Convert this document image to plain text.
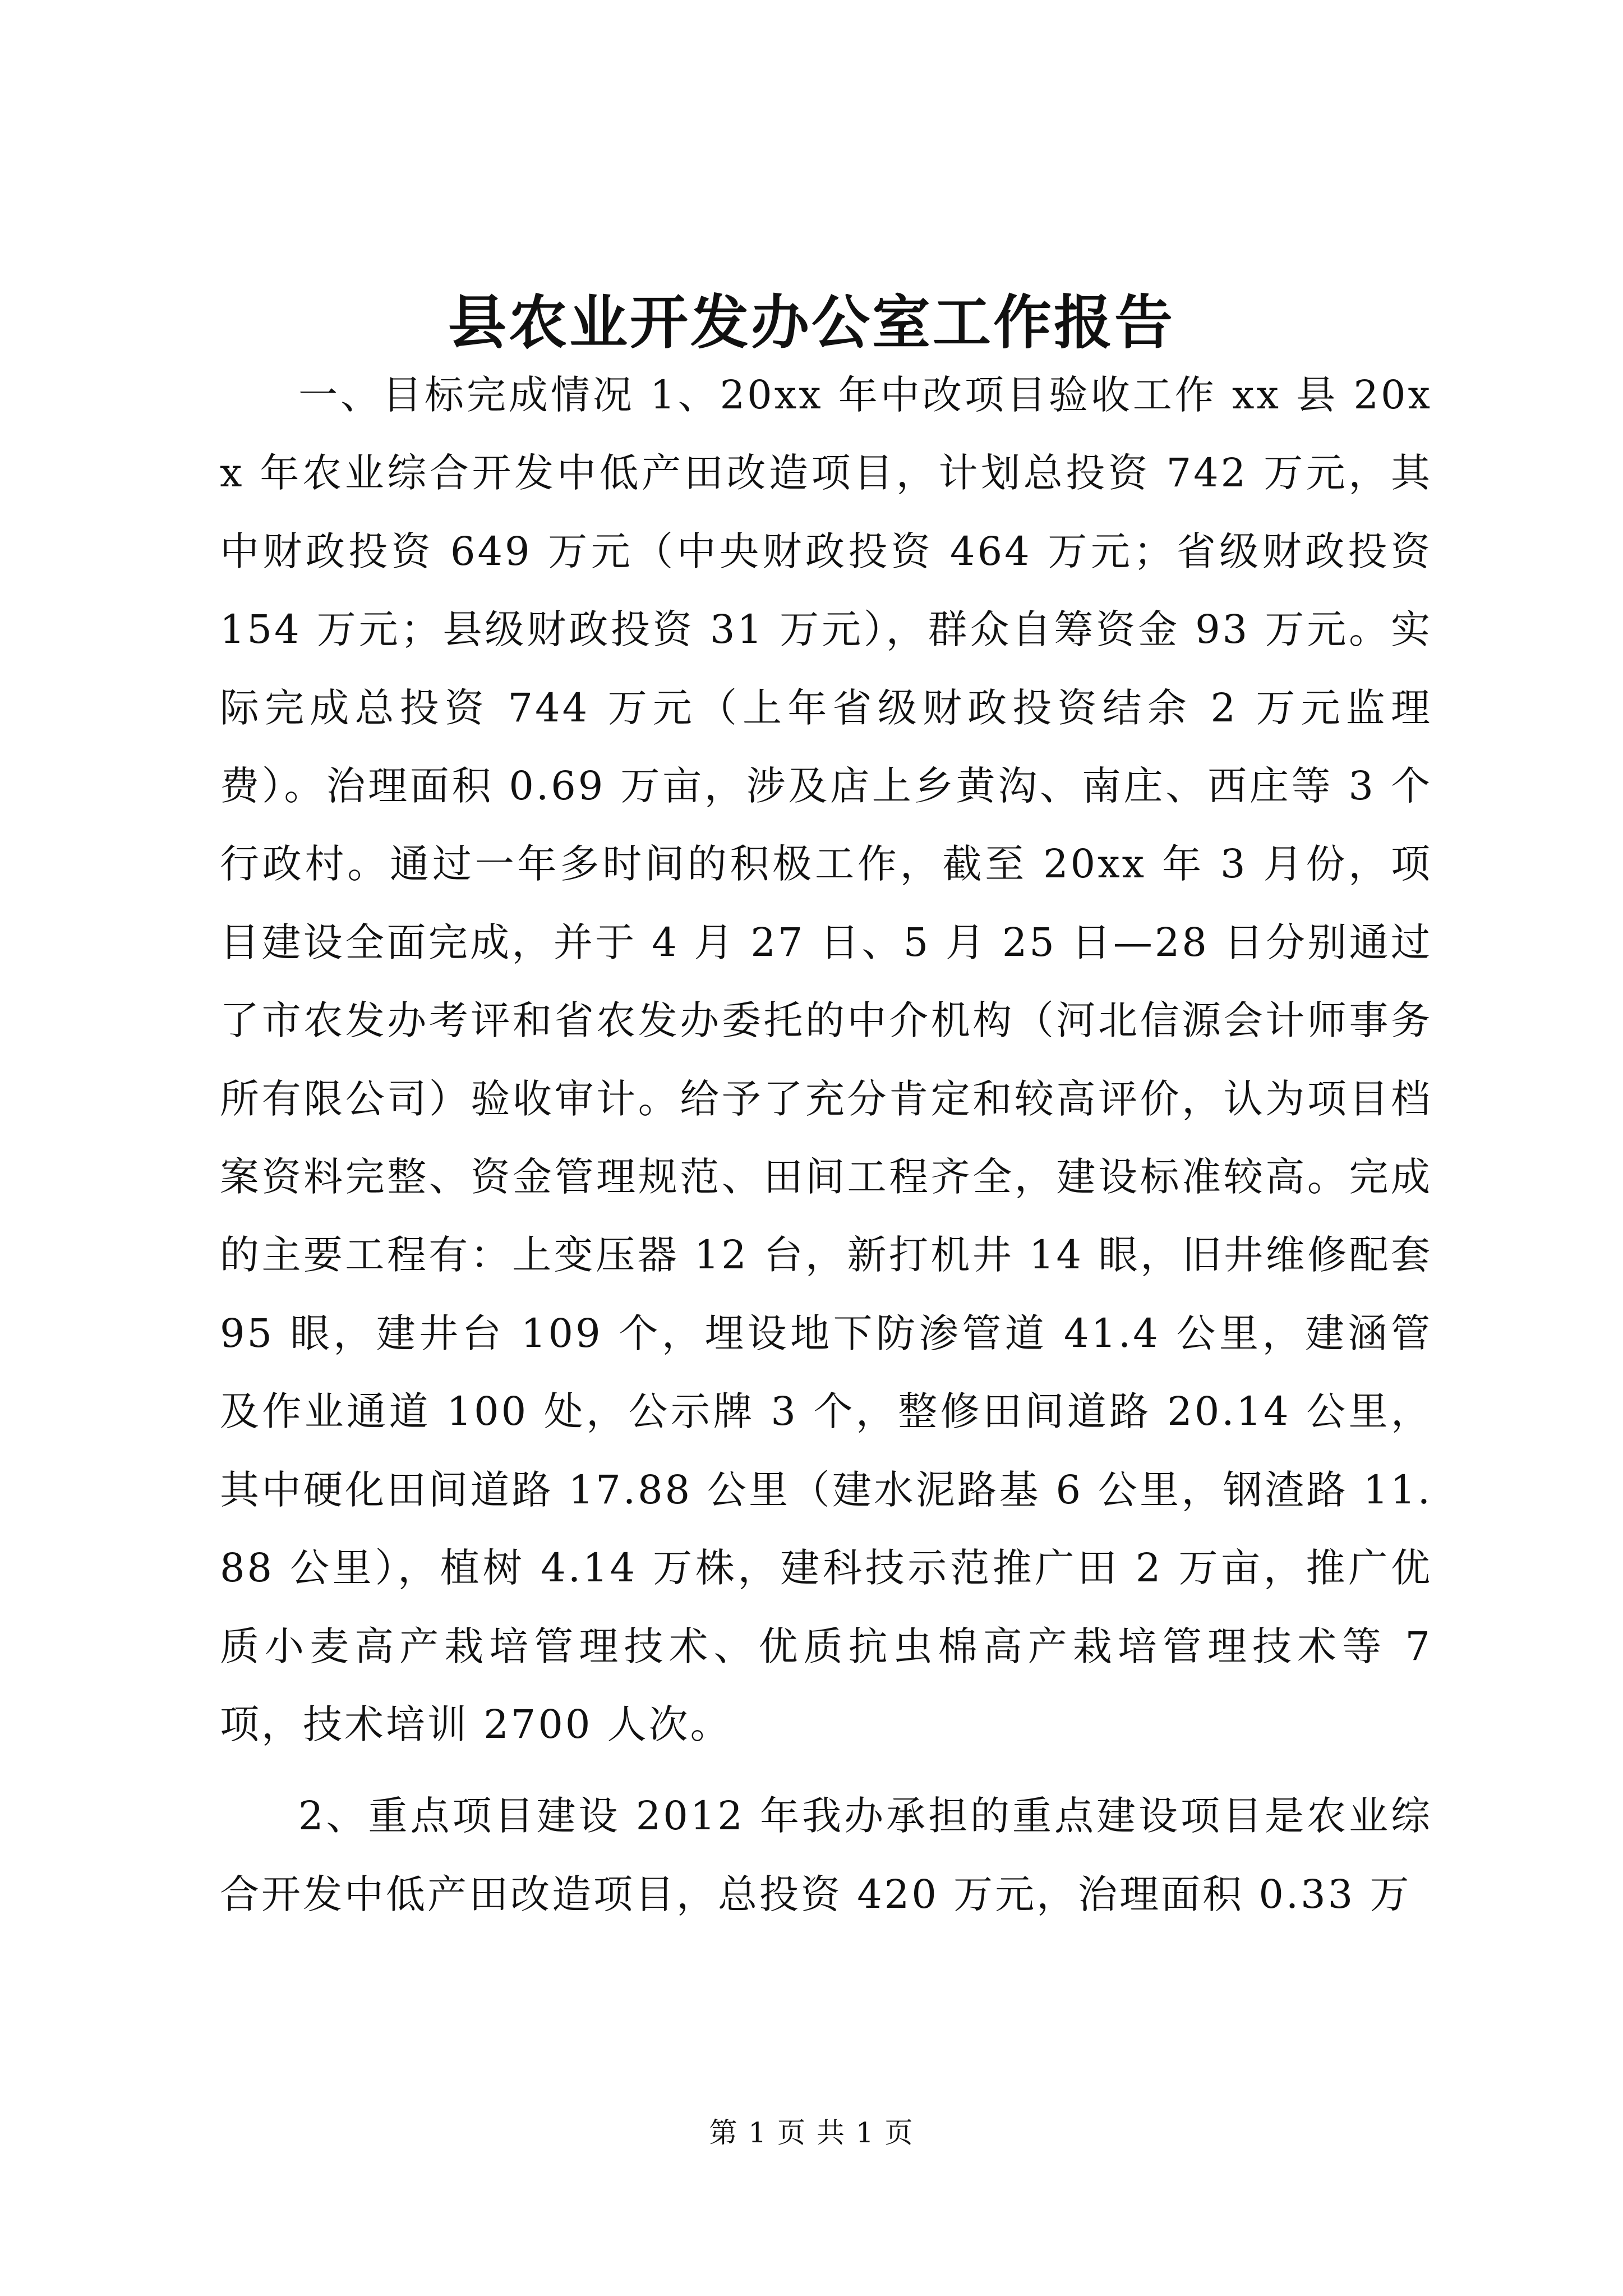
县农业开发办公室工作报告

一、目标完成情况 1、20xx 年中改项目验收工作 xx 县 20xx 年农业综合开发中低产田改造项目，计划总投资 742 万元，其中财政投资 649 万元（中央财政投资 464 万元；省级财政投资 154 万元；县级财政投资 31 万元），群众自筹资金 93 万元。实际完成总投资 744 万元（上年省级财政投资结余 2 万元监理费）。治理面积 0.69 万亩，涉及店上乡黄沟、南庄、西庄等 3 个行政村。通过一年多时间的积极工作，截至 20xx 年 3 月份，项目建设全面完成，并于 4 月 27 日、5 月 25 日—28 日分别通过了市农发办考评和省农发办委托的中介机构（河北信源会计师事务所有限公司）验收审计。给予了充分肯定和较高评价，认为项目档案资料完整、资金管理规范、田间工程齐全，建设标准较高。完成的主要工程有：上变压器 12 台，新打机井 14 眼，旧井维修配套 95 眼，建井台 109 个，埋设地下防渗管道 41.4 公里，建涵管及作业通道 100 处，公示牌 3 个，整修田间道路 20.14 公里，其中硬化田间道路 17.88 公里（建水泥路基 6 公里，钢渣路 11.88 公里），植树 4.14 万株，建科技示范推广田 2 万亩，推广优质小麦高产栽培管理技术、优质抗虫棉高产栽培管理技术等 7 项，技术培训 2700 人次。

2、重点项目建设 2012 年我办承担的重点建设项目是农业综合开发中低产田改造项目，总投资 420 万元，治理面积 0.33 万

第 1 页 共 1 页
